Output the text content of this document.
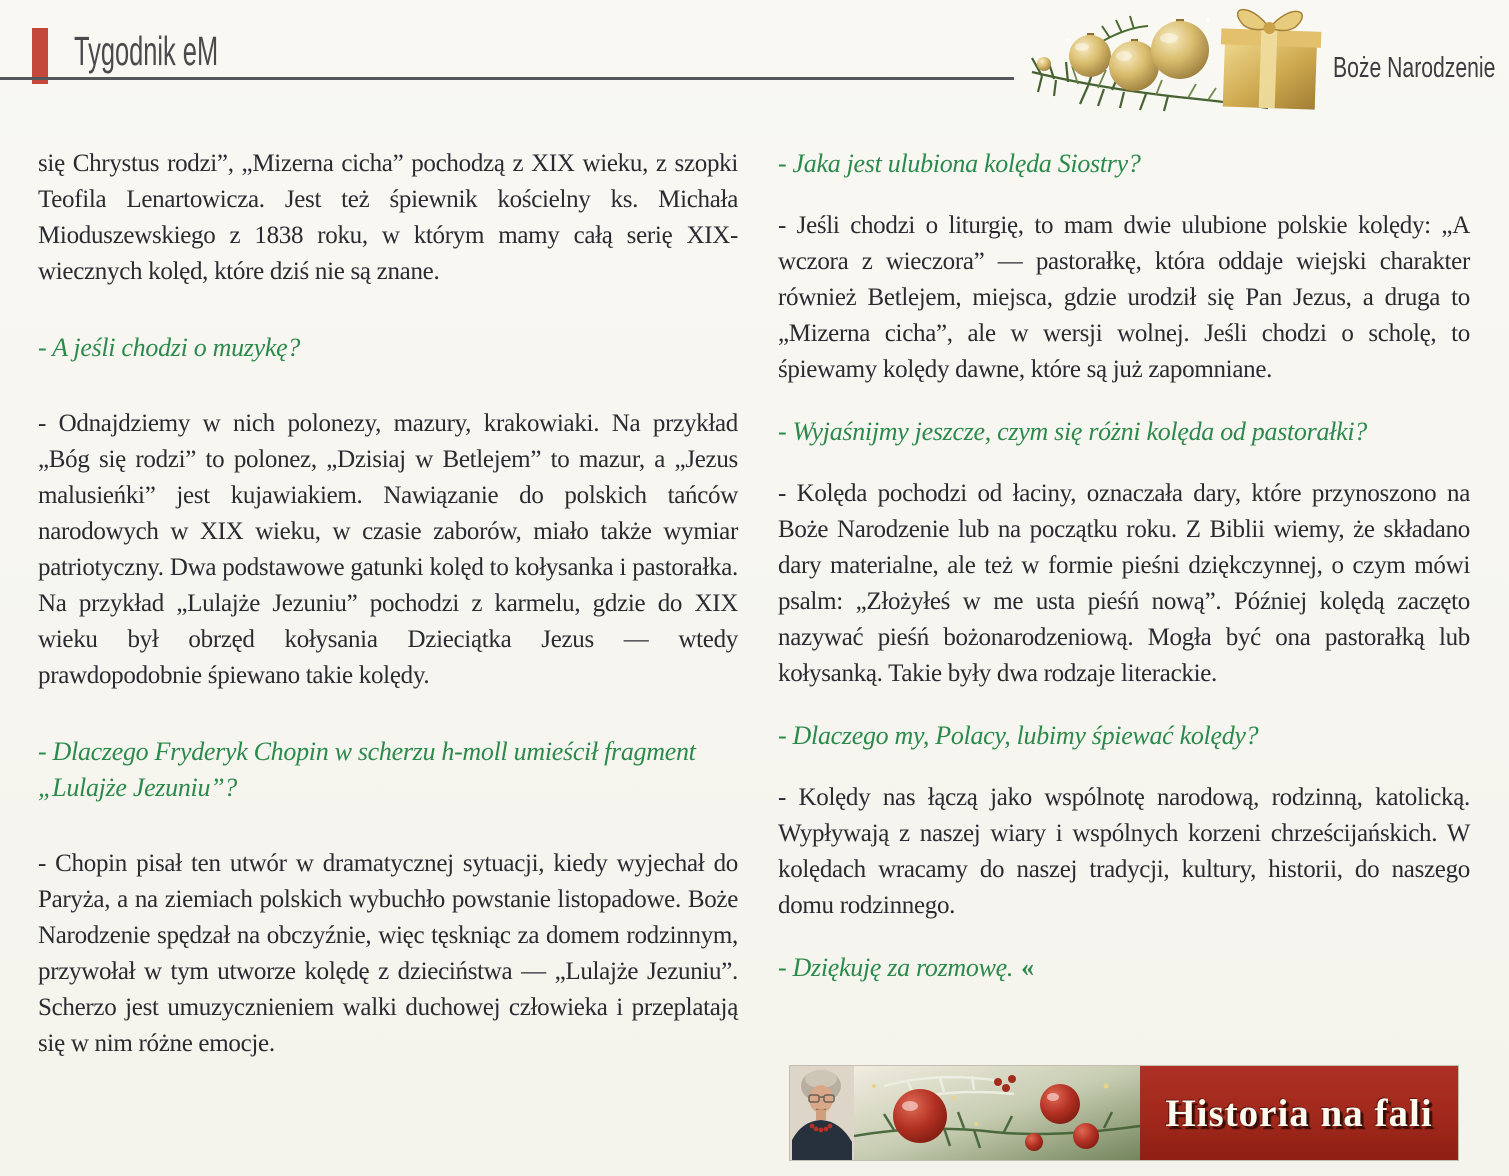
Tygodnik eM	Boże Narodzenie

się Chrystus rodzi”, „Mizerna cicha” pochodzą z XIX wieku, z szopki Teofila Lenartowicza. Jest też śpiewnik kościelny ks. Michała Mioduszewskiego z 1838 roku, w którym mamy całą serię XIX-wiecznych kolęd, które dziś nie są znane.

- A jeśli chodzi o muzykę?

- Odnajdziemy w nich polonezy, mazury, krakowiaki. Na przykład „Bóg się rodzi” to polonez, „Dzisiaj w Betlejem” to mazur, a „Jezus malusieńki” jest kujawiakiem. Nawiązanie do polskich tańców narodowych w XIX wieku, w czasie zaborów, miało także wymiar patriotyczny. Dwa podstawowe gatunki kolęd to kołysanka i pastorałka. Na przykład „Lulajże Jezuniu” pochodzi z karmelu, gdzie do XIX wieku był obrzęd kołysania Dzieciątka Jezus — wtedy prawdopodobnie śpiewano takie kolędy.

- Dlaczego Fryderyk Chopin w scherzu h-moll umieścił fragment „Lulajże Jezuniu”?

- Chopin pisał ten utwór w dramatycznej sytuacji, kiedy wyjechał do Paryża, a na ziemiach polskich wybuchło powstanie listopadowe. Boże Narodzenie spędzał na obczyźnie, więc tęskniąc za domem rodzinnym, przywołał w tym utworze kolędę z dzieciństwa — „Lulajże Jezuniu”. Scherzo jest umuzycznieniem walki duchowej człowieka i przeplatają się w nim różne emocje.

- Jaka jest ulubiona kolęda Siostry?

- Jeśli chodzi o liturgię, to mam dwie ulubione polskie kolędy: „A wczora z wieczora” — pastorałkę, która oddaje wiejski charakter również Betlejem, miejsca, gdzie urodził się Pan Jezus, a druga to „Mizerna cicha”, ale w wersji wolnej. Jeśli chodzi o scholę, to śpiewamy kolędy dawne, które są już zapomniane.

- Wyjaśnijmy jeszcze, czym się różni kolęda od pastorałki?

- Kolęda pochodzi od łaciny, oznaczała dary, które przynoszono na Boże Narodzenie lub na początku roku. Z Biblii wiemy, że składano dary materialne, ale też w formie pieśni dziękczynnej, o czym mówi psalm: „Złożyłeś w me usta pieśń nową”. Później kolędą zaczęto nazywać pieśń bożonarodzeniową. Mogła być ona pastorałką lub kołysanką. Takie były dwa rodzaje literackie.

- Dlaczego my, Polacy, lubimy śpiewać kolędy?

- Kolędy nas łączą jako wspólnotę narodową, rodzinną, katolicką. Wypływają z naszej wiary i wspólnych korzeni chrześcijańskich. W kolędach wracamy do naszej tradycji, kultury, historii, do naszego domu rodzinnego.

- Dziękuję za rozmowę. «

Historia na fali
